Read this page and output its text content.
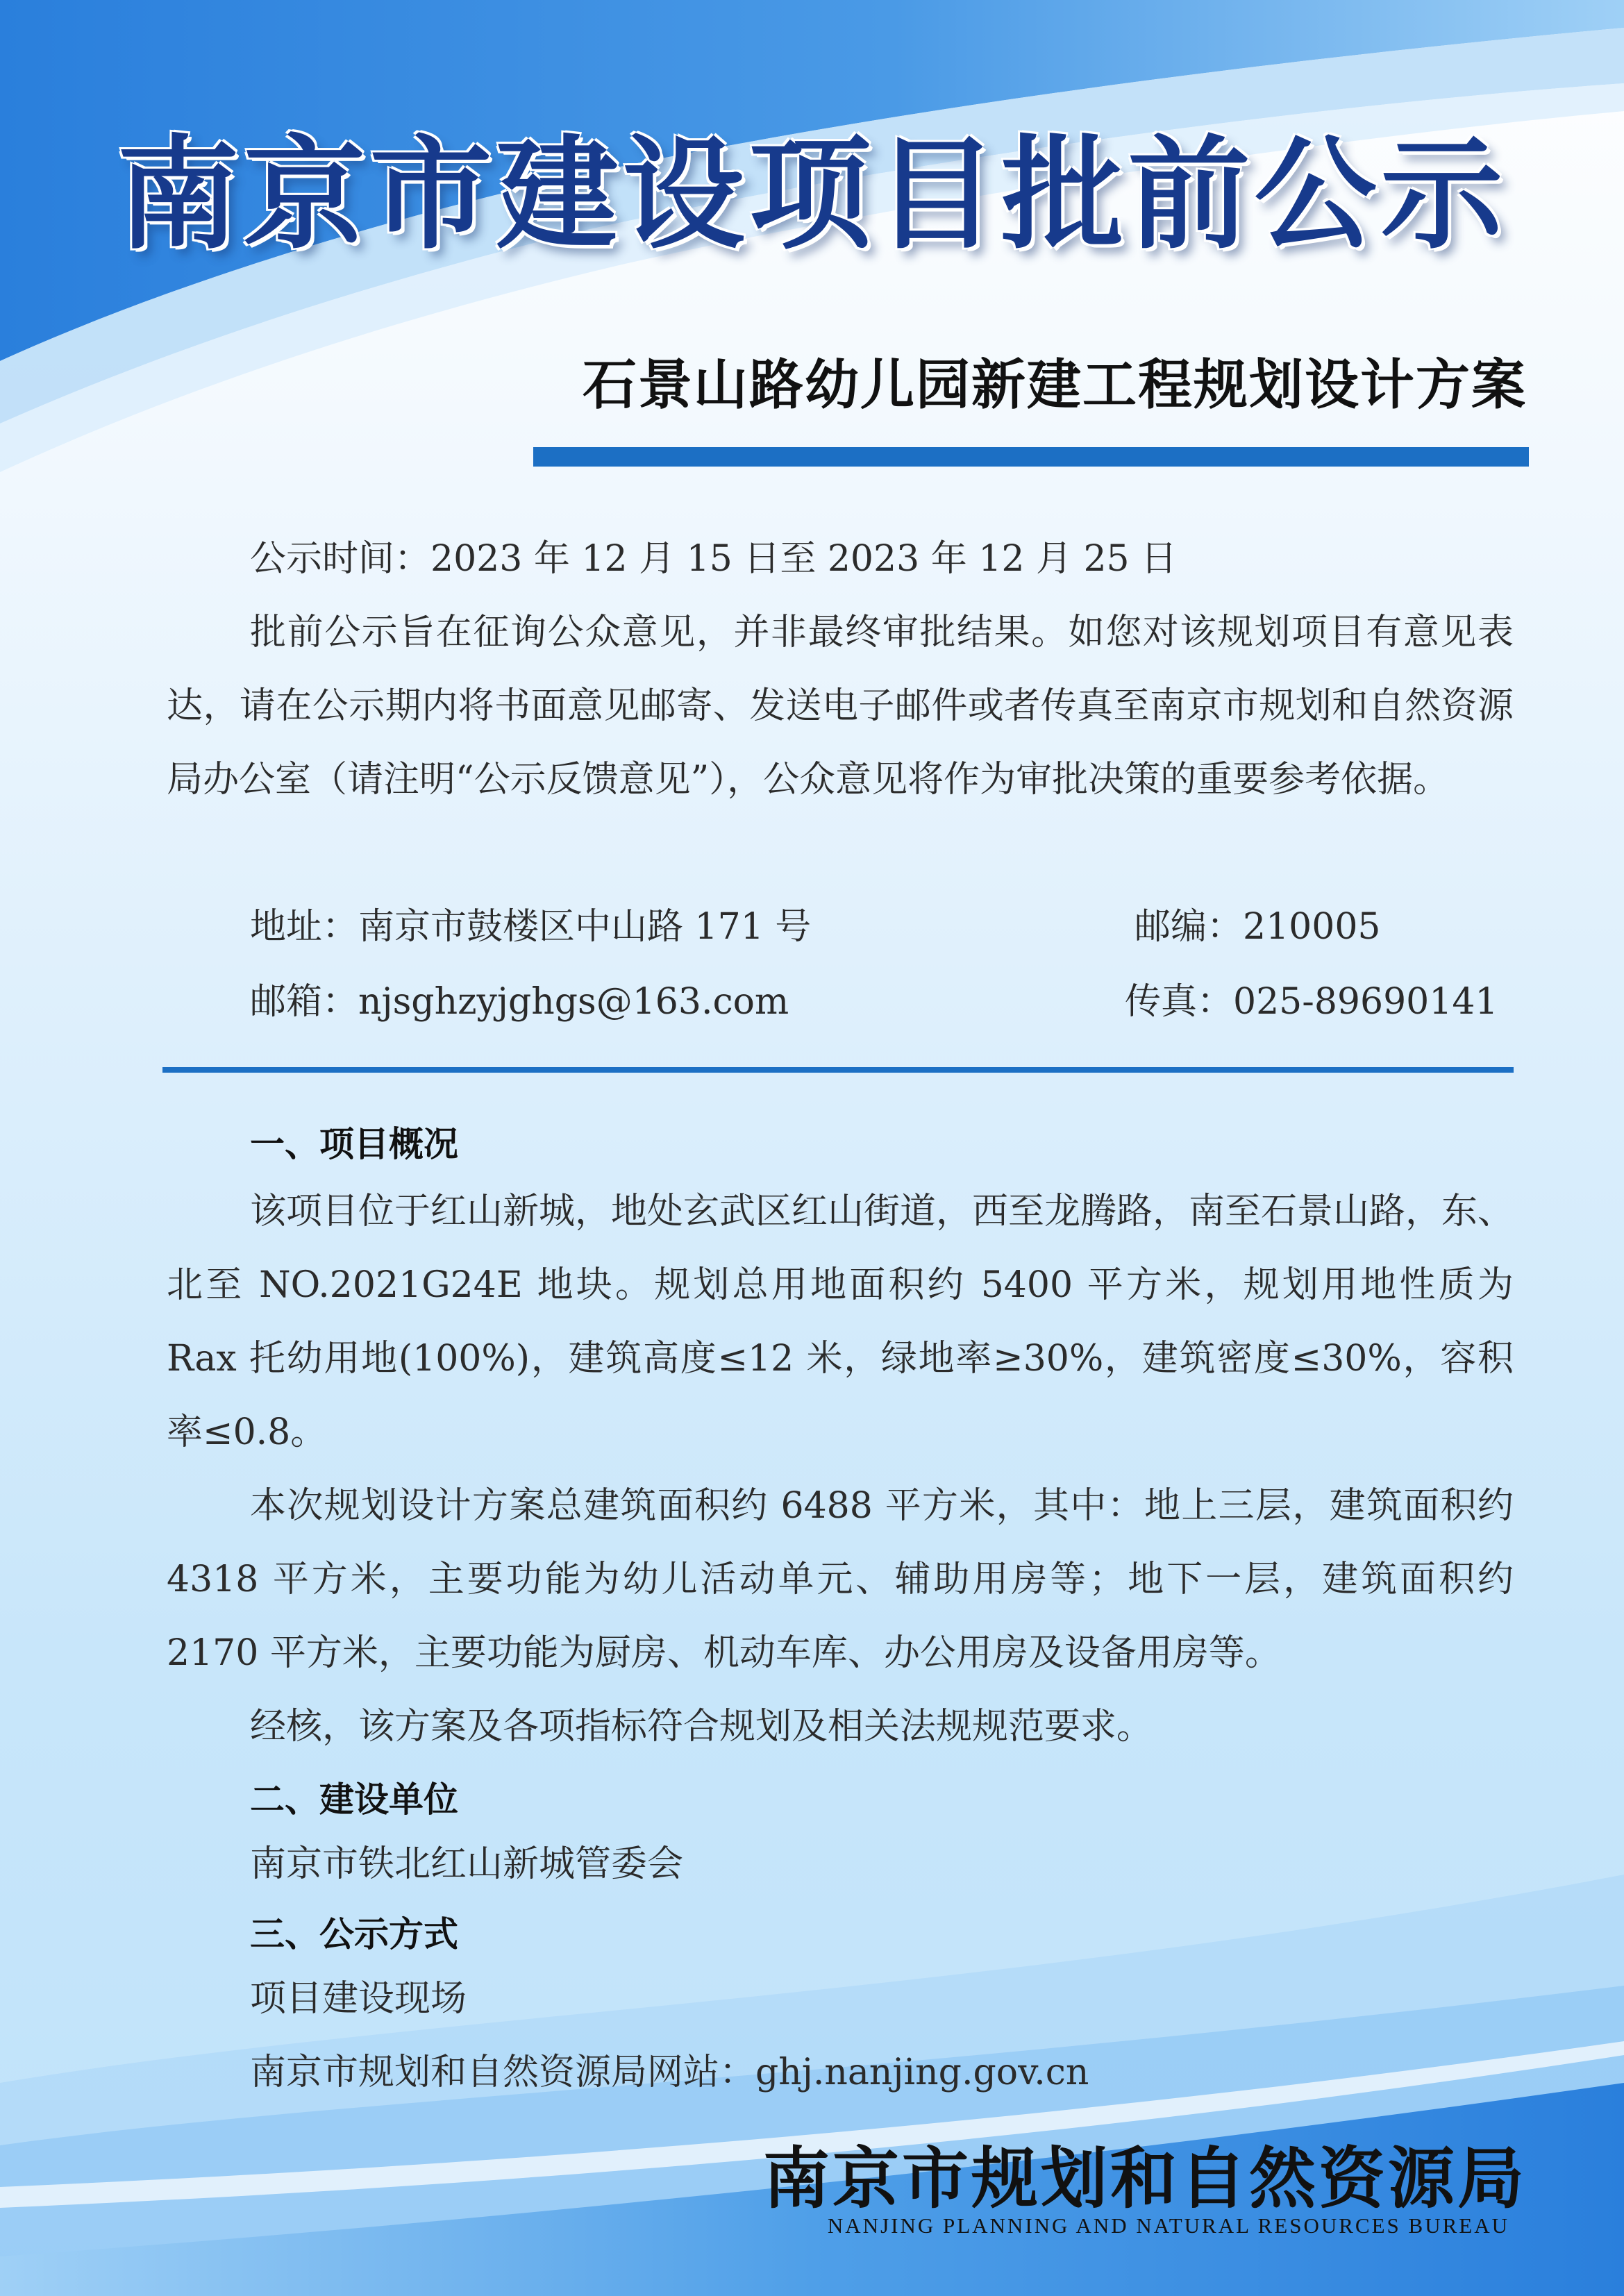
南京市建设项目批前公示
石景山路幼儿园新建工程规划设计方案

公示时间：2023 年 12 月 15 日至 2023 年 12 月 25 日

批前公示旨在征询公众意见，并非最终审批结果。如您对该规划项目有意见表达，请在公示期内将书面意见邮寄、发送电子邮件或者传真至南京市规划和自然资源局办公室（请注明“公示反馈意见”），公众意见将作为审批决策的重要参考依据。

地址：南京市鼓楼区中山路 171 号	邮编：210005
邮箱：njsghzyjghgs@163.com	传真：025-89690141
一、项目概况

该项目位于红山新城，地处玄武区红山街道，西至龙腾路，南至石景山路，东、北至 NO.2021G24E 地块。规划总用地面积约 5400 平方米，规划用地性质为 Rax 托幼用地(100%)，建筑高度≤12 米，绿地率≥30%，建筑密度≤30%，容积率≤0.8。

本次规划设计方案总建筑面积约 6488 平方米，其中：地上三层，建筑面积约 4318 平方米，主要功能为幼儿活动单元、辅助用房等；地下一层，建筑面积约 2170 平方米，主要功能为厨房、机动车库、办公用房及设备用房等。

经核，该方案及各项指标符合规划及相关法规规范要求。

二、建设单位
南京市铁北红山新城管委会
三、公示方式
项目建设现场
南京市规划和自然资源局网站：ghj.nanjing.gov.cn
南京市规划和自然资源局
NANJING PLANNING AND NATURAL RESOURCES BUREAU
